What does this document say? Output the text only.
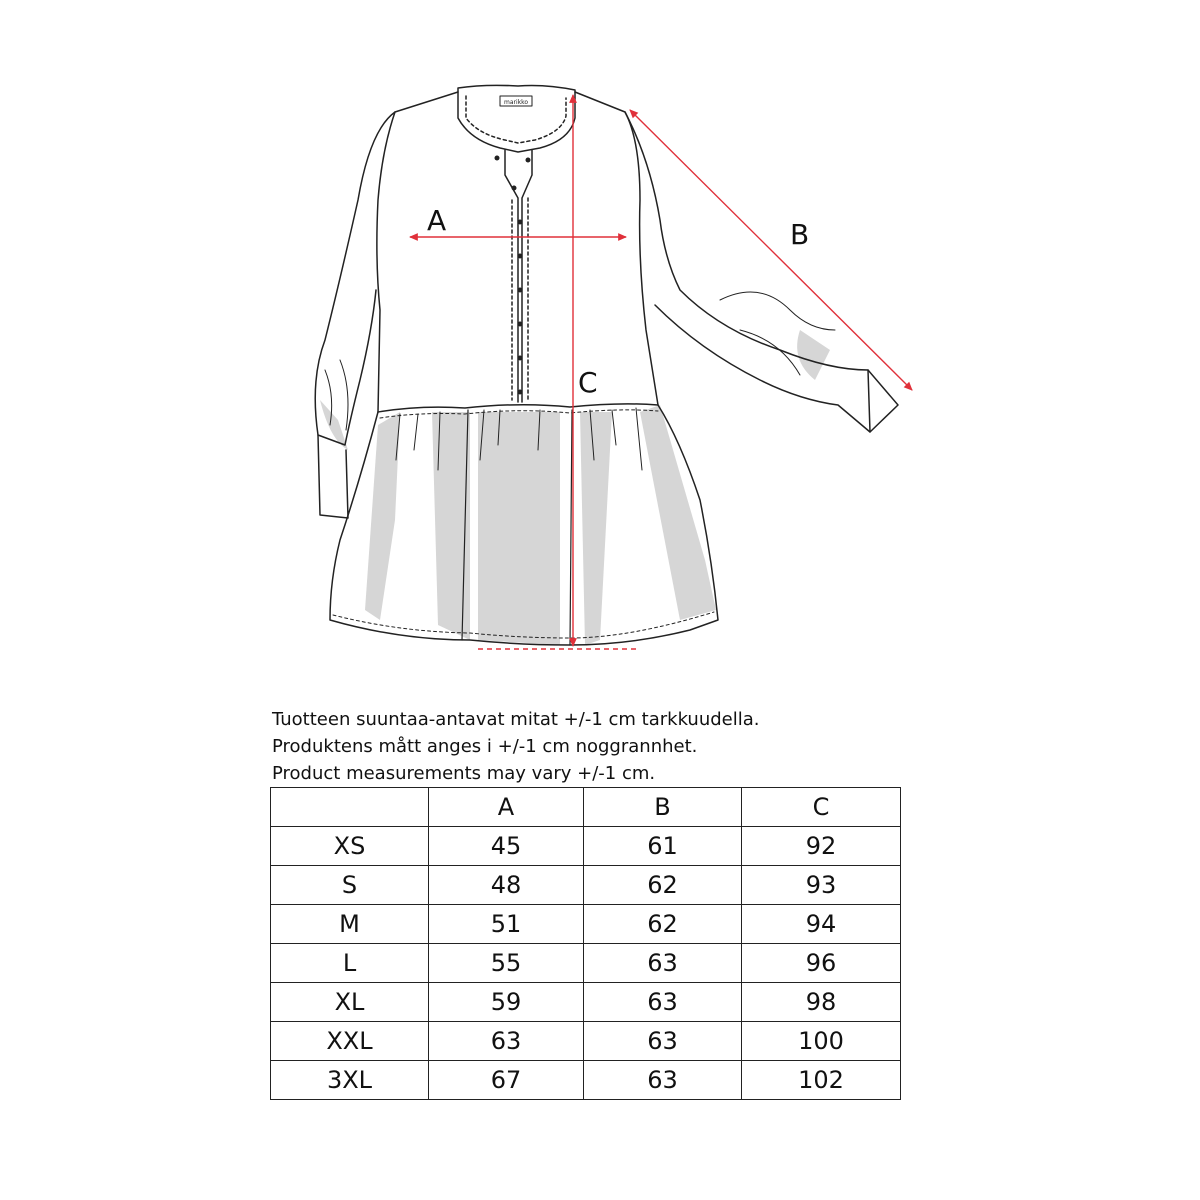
A	B
C
marikko
Tuotteen suuntaa-antavat mitat +/-1 cm tarkkuudella.
Produktens mått anges i +/-1 cm noggrannhet.
Product measurements may vary +/-1 cm.
	A	B	C
XS	45	61	92
S	48	62	93
M	51	62	94
L	55	63	96
XL	59	63	98
XXL	63	63	100
3XL	67	63	102
